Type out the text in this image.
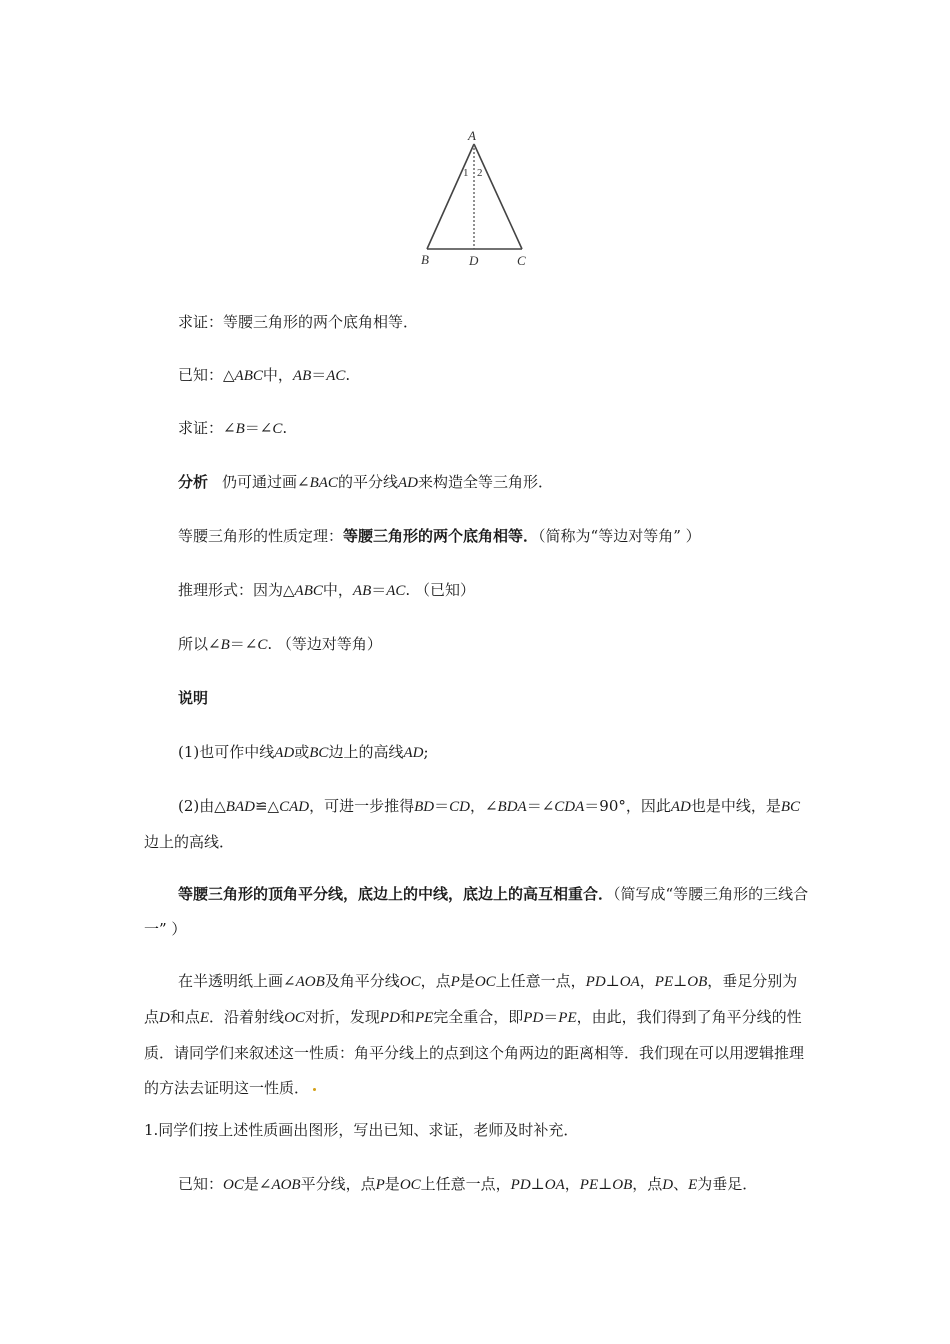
A
B	D	C
1 2
求证：等腰三角形的两个底角相等．
已知：△ABC中，AB＝AC.
求证：∠B＝∠C.
分析 仍可通过画∠BAC的平分线AD来构造全等三角形．
等腰三角形的性质定理：等腰三角形的两个底角相等．（简称为“等边对等角” ）
推理形式：因为△ABC中，AB＝AC. （已知）
所以∠B＝∠C. （等边对等角）
说明
(1)也可作中线AD或BC边上的高线AD;
(2)由△BAD≌△CAD，可进一步推得BD＝CD，∠BDA＝∠CDA＝90°，因此AD也是中线，是BC边上的高线．
等腰三角形的顶角平分线，底边上的中线，底边上的高互相重合．（简写成“等腰三角形的三线合一” ）
在半透明纸上画∠AOB及角平分线OC，点P是OC上任意一点，PD⊥OA，PE⊥OB，垂足分别为点D和点E．沿着射线OC对折，发现PD和PE完全重合，即PD＝PE，由此，我们得到了角平分线的性质．请同学们来叙述这一性质：角平分线上的点到这个角两边的距离相等．我们现在可以用逻辑推理的方法去证明这一性质．
1.同学们按上述性质画出图形，写出已知、求证，老师及时补充．
已知：OC是∠AOB平分线，点P是OC上任意一点，PD⊥OA，PE⊥OB，点D、E为垂足．
